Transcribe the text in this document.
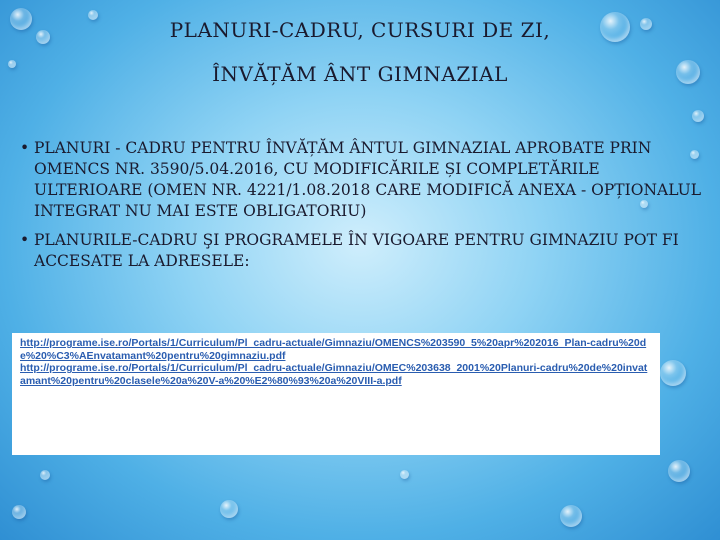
PLANURI-CADRU, CURSURI DE ZI,
ÎNVĂȚĂM ÂNT GIMNAZIAL
• PLANURI - CADRU PENTRU ÎNVĂȚĂM ÂNTUL GIMNAZIAL APROBATE PRIN OMENCS NR. 3590/5.04.2016, CU MODIFICĂRILE ȘI COMPLETĂRILE ULTERIOARE (OMEN NR. 4221/1.08.2018 CARE MODIFICĂ ANEXA - OPȚIONALUL INTEGRAT NU MAI ESTE OBLIGATORIU)
• PLANURILE-CADRU ŞI PROGRAMELE ÎN VIGOARE PENTRU GIMNAZIU POT FI ACCESATE LA ADRESELE:
http://programe.ise.ro/Portals/1/Curriculum/Pl_cadru-actuale/Gimnaziu/OMENCS%203590_5%20apr%202016_Plan-cadru%20de%20%C3%AEnvatamant%20pentru%20gimnaziu.pdf
http://programe.ise.ro/Portals/1/Curriculum/Pl_cadru-actuale/Gimnaziu/OMEC%203638_2001%20Planuri-cadru%20de%20invatamant%20pentru%20clasele%20a%20V-a%20%E2%80%93%20a%20VIII-a.pdf
